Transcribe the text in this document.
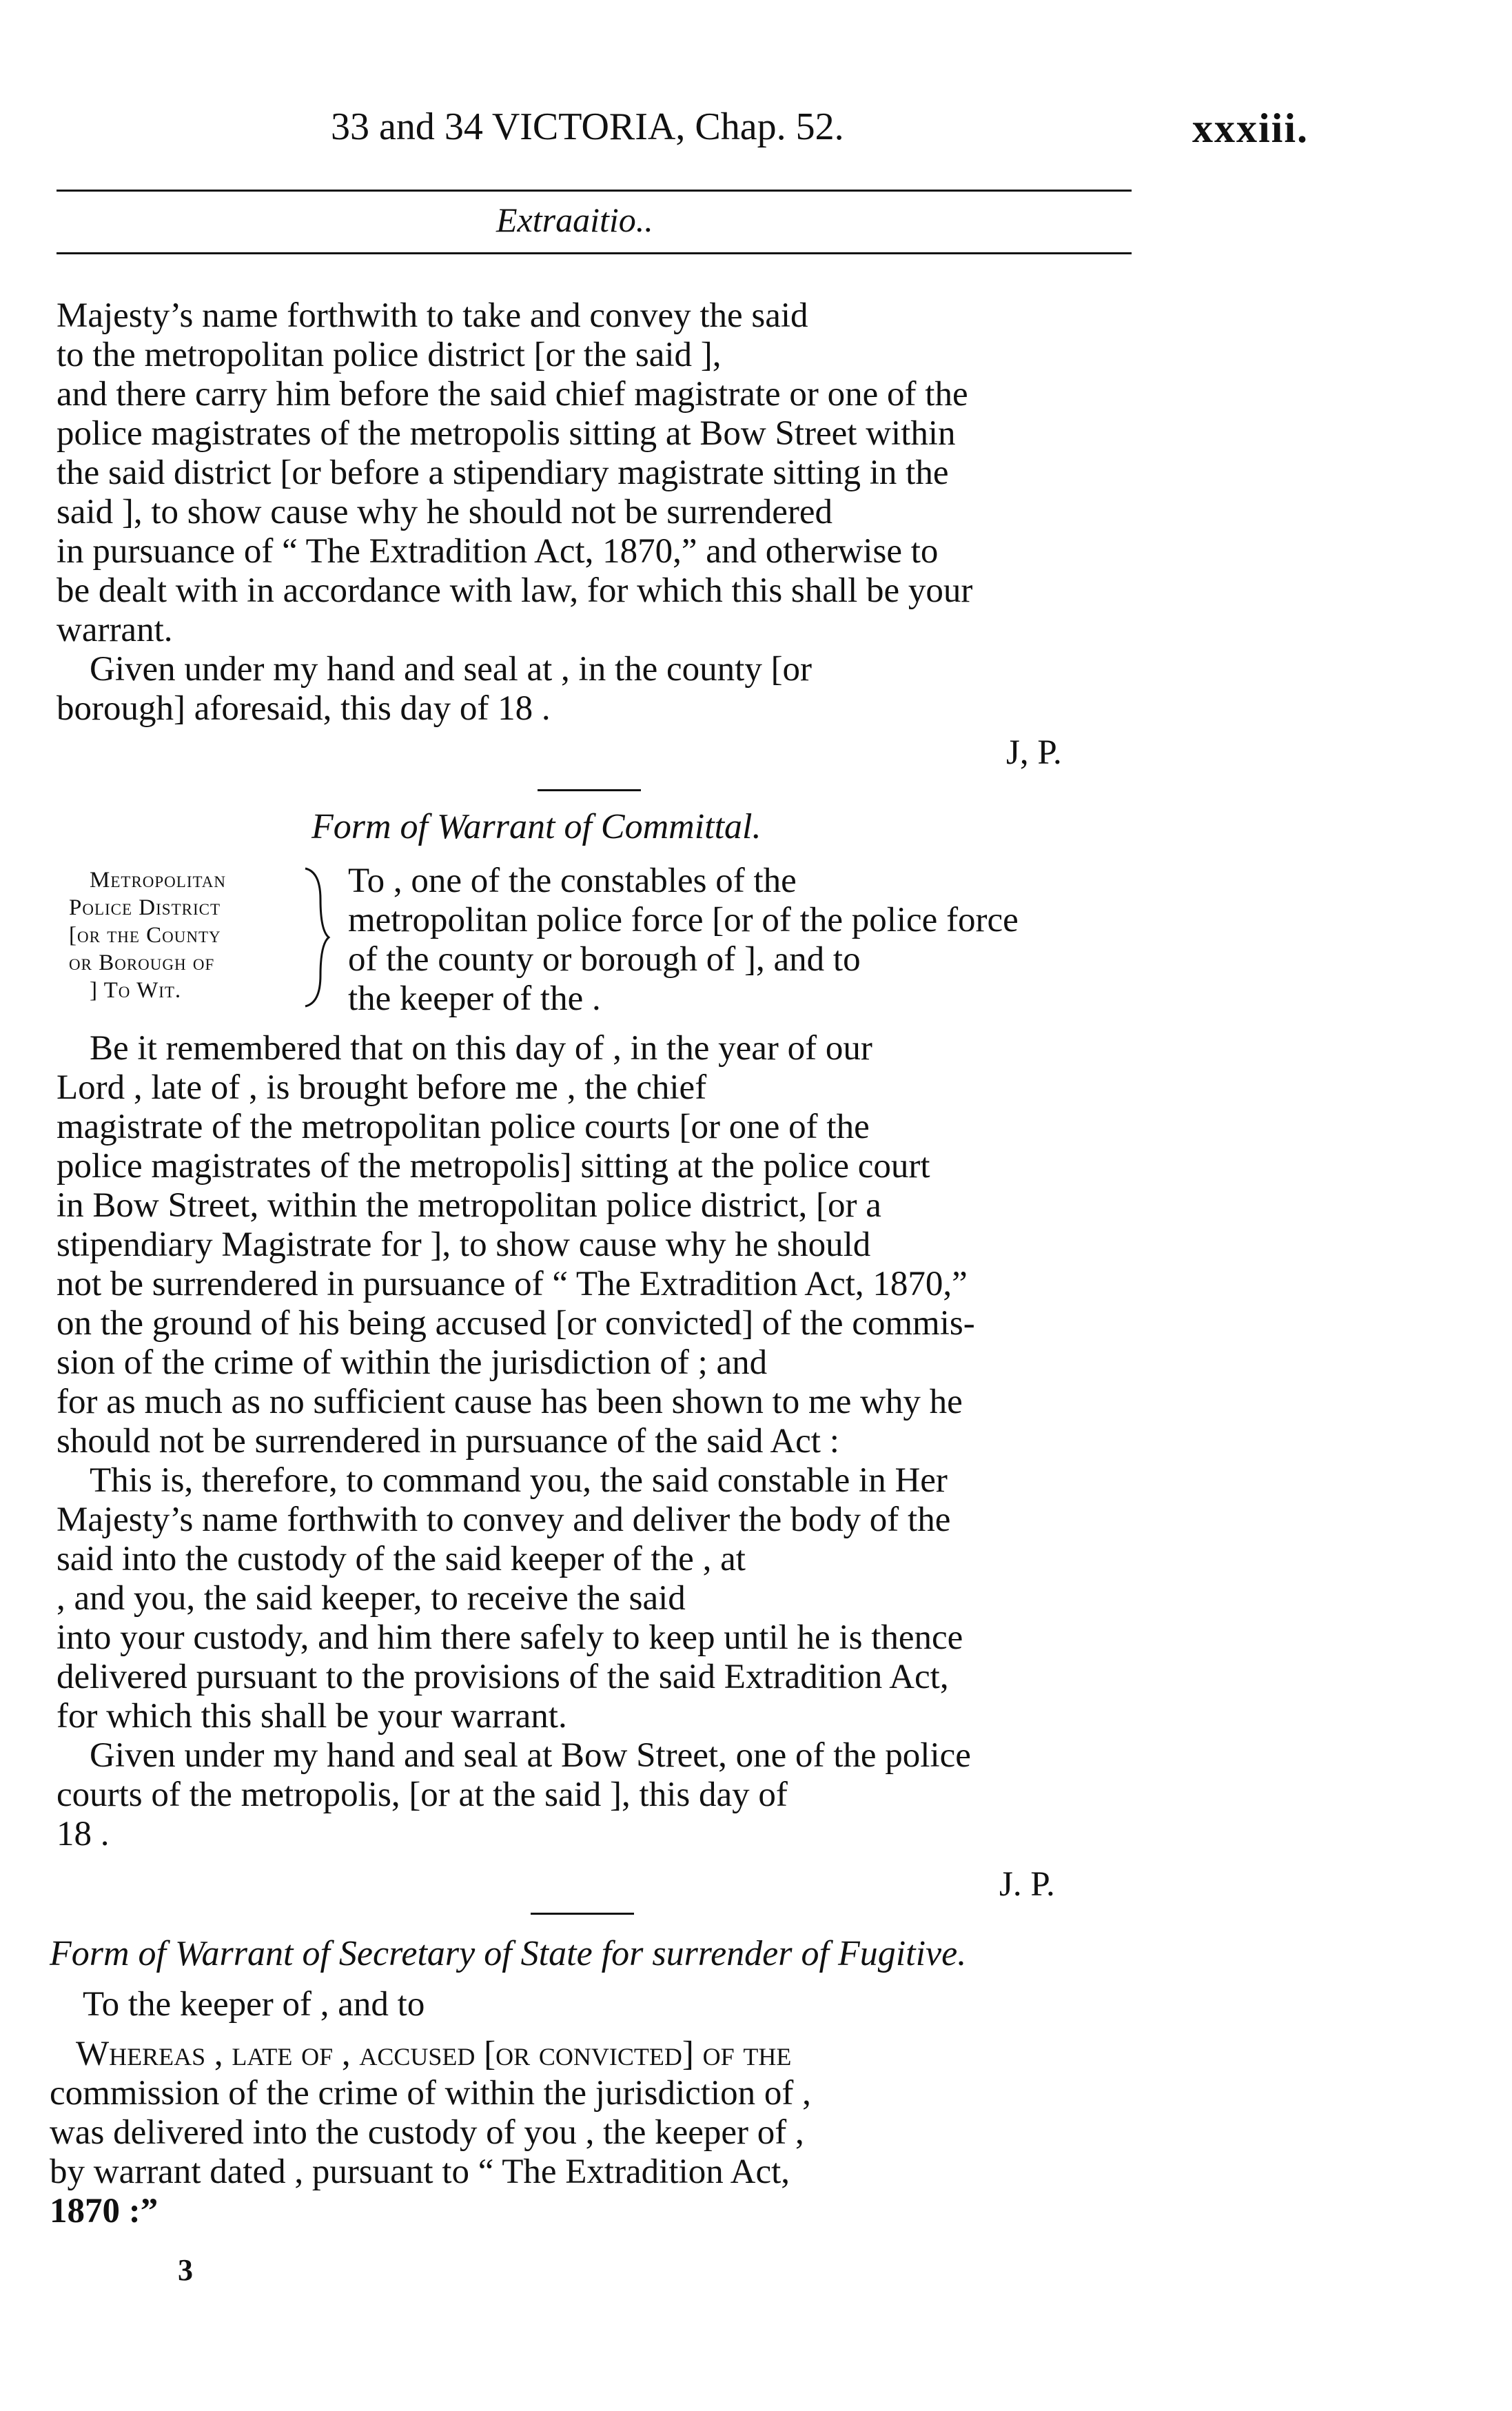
33 and 34 VICTORIA, Chap. 52.	xxxiii.
Extraaitio..
Majesty’s name forthwith to take and convey the said
to the metropolitan police district [or the said ],
and there carry him before the said chief magistrate or one of the
police magistrates of the metropolis sitting at Bow Street within
the said district [or before a stipendiary magistrate sitting in the
said ], to show cause why he should not be surrendered
in pursuance of “ The Extradition Act, 1870,” and otherwise to
be dealt with in accordance with law, for which this shall be your
warrant.
Given under my hand and seal at , in the county [or
borough] aforesaid, this day of 18 .
J, P.
Form of Warrant of Committal.
Metropolitan
Police District
[or the County
or Borough of
] To Wit.
To , one of the constables of the
metropolitan police force [or of the police force
of the county or borough of ], and to
the keeper of the .
Be it remembered that on this day of , in the year of our
Lord , late of , is brought before me , the chief
magistrate of the metropolitan police courts [or one of the
police magistrates of the metropolis] sitting at the police court
in Bow Street, within the metropolitan police district, [or a
stipendiary Magistrate for ], to show cause why he should
not be surrendered in pursuance of “ The Extradition Act, 1870,”
on the ground of his being accused [or convicted] of the commis-
sion of the crime of within the jurisdiction of ; and
for as much as no sufficient cause has been shown to me why he
should not be surrendered in pursuance of the said Act :
This is, therefore, to command you, the said constable in Her
Majesty’s name forthwith to convey and deliver the body of the
said into the custody of the said keeper of the , at
, and you, the said keeper, to receive the said
into your custody, and him there safely to keep until he is thence
delivered pursuant to the provisions of the said Extradition Act,
for which this shall be your warrant.
Given under my hand and seal at Bow Street, one of the police
courts of the metropolis, [or at the said ], this day of
18 .
J. P.
Form of Warrant of Secretary of State for surrender of Fugitive.
To the keeper of , and to
Whereas , late of , accused [or convicted] of the
commission of the crime of within the jurisdiction of ,
was delivered into the custody of you , the keeper of ,
by warrant dated , pursuant to “ The Extradition Act,
1870 :”
3
